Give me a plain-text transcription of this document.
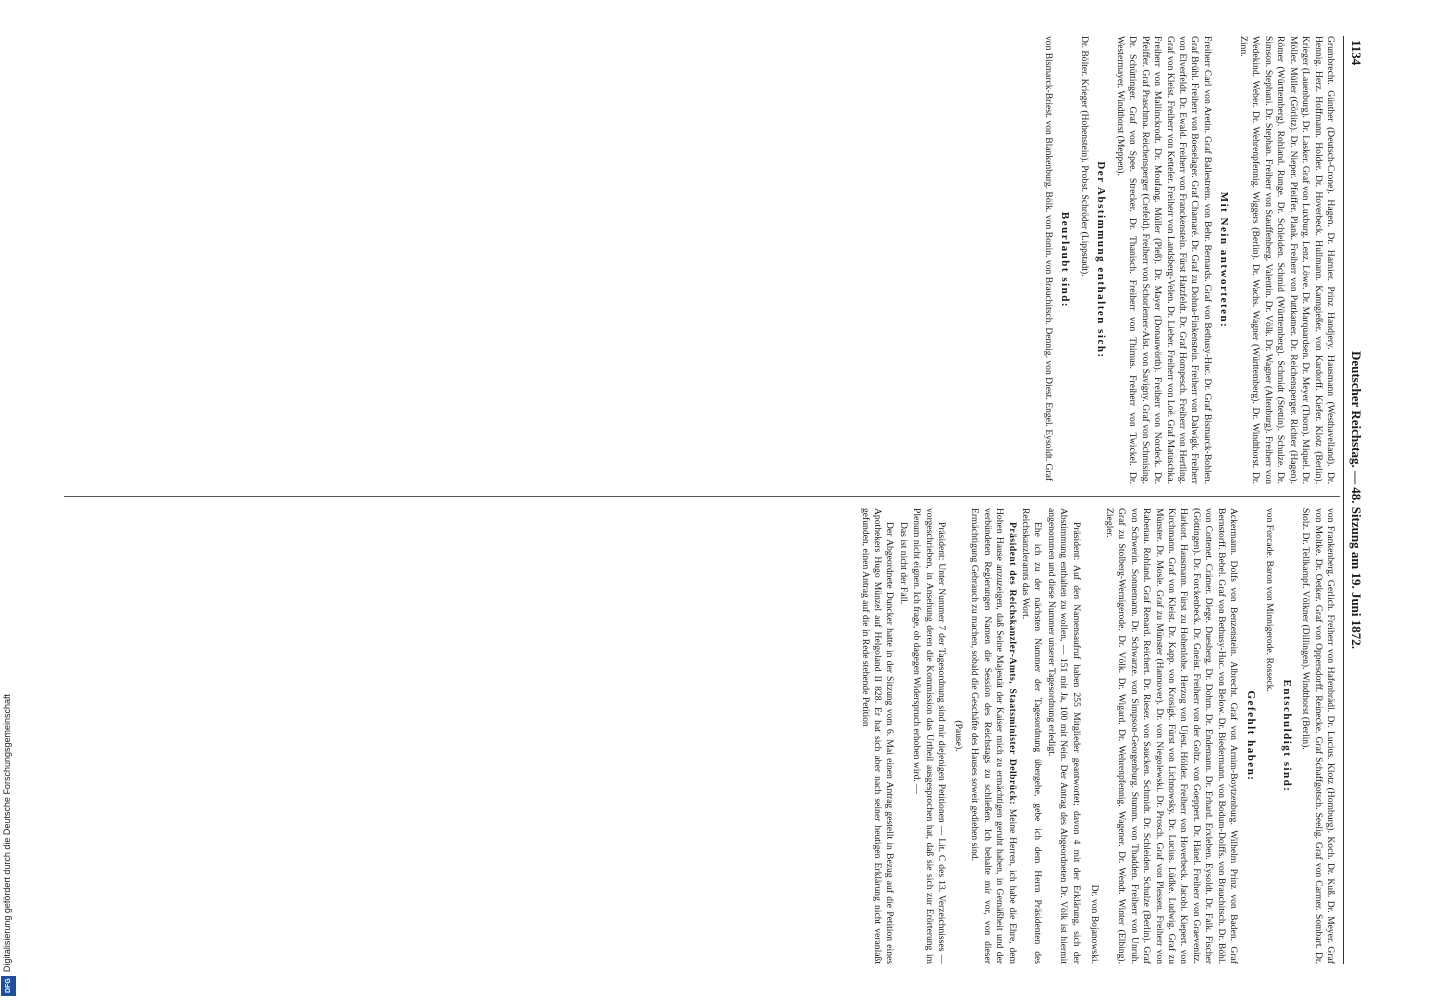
1134
Deutscher Reichstag. — 48. Sitzung am 19. Juni 1872.

Grumbrecht. Günther (Deutsch-Crone). Hagen. Dr. Harnier. Prinz Handjery. Hausmann (Westhavelland). Dr. Hennig. Herz. Hoffmann. Holder. Dr. Hoverbeck. Hullmann. Kanngießer. von Kardorff. Kiefer. Klotz (Berlin). Krieger (Lauenburg). Dr. Lasker. Graf von Luxburg. Lenz. Löwe. Dr. Marquardsen. Dr. Meyer (Thorn). Miquel. Dr. Möller. Müller (Görlitz). Dr. Nieper. Pfeiffer. Plank. Freiherr von Puttkamer. Dr. Reichensperger. Richter (Hagen). Römer (Württemberg). Rohland. Runge. Dr. Schleiden. Schmid (Württemberg). Schmidt (Stettin). Schulze. Dr. Simson. Stephani. Dr. Stephan. Freiherr von Stauffenberg. Valentin. Dr. Völk. Dr. Wagner (Altenburg). Freiherr von Wedekind. Weber. Dr. Wehrenpfennig. Wiggers (Berlin). Dr. Wachs. Wagner (Württemberg). Dr. Windthorst. Dr. Zinn.

Mit Nein antworteten:

Freiherr Carl von Aretin. Graf Ballestrem. von Behr. Bernards. Graf von Bethusy-Huc. Dr. Graf Bismarck-Bohlen. Graf Brühl. Freiherr von Boeselager. Graf Chamaré. Dr. Graf zu Dohna-Finkenstein. Freiherr von Dalwigk. Freiherr von Elverfeldt. Dr. Ewald. Freiherr von Franckenstein. Fürst Hatzfeldt. Dr. Graf Hompesch. Freiherr von Hertling. Graf von Kleist. Freiherr von Ketteler. Freiherr von Landsberg-Velen. Dr. Lieber. Freiherr von Loë. Graf Matuschka. Freiherr von Mallinckrodt. Dr. Moufang. Müller (Pleß). Dr. Mayer (Donauwörth). Freiherr von Nordeck. Dr. Pfeiffer. Graf Praschma. Reichensperger (Crefeld). Freiherr von Schorlemer-Alst. von Savigny. Graf von Schmising. Dr. Schüttinger. Graf von Spee. Strecker. Dr. Thanisch. Freiherr von Thimus. Freiherr von Twickel. Dr. Westermayer. Windthorst (Meppen).

Der Abstimmung enthalten sich:

Dr. Bölter. Krieger (Hohenstein). Probst. Schröder (Lippstadt).

Beurlaubt sind:

von Bismarck-Briest. von Blankenburg. Bölk. von Bonin. von Brauchitsch. Dennig. von Diest. Engel. Eysoldt. Graf

von Frankenberg. Gerlich. Freiherr von Hafenbrädl. Dr. Lucius. Klotz (Homburg). Koch. Dr. Kuß. Dr. Meyer. Graf von Moltke. Dr. Oetker. Graf von Oppersdorff. Reinecke. Graf Schaffgotsch. Seelig. Graf von Carmer. Sombart. Dr. Stolz. Dr. Tellkampf. Völkner (Dillingen). Windthorst (Berlin).

Entschuldigt sind:

von Forcade. Baron von Minnigerode. Rosseck.

Gefehlt haben:

Ackermann. Dolfs von Benzenstein. Albrecht. Graf von Arnim-Boytzenburg. Wilhelm Prinz von Baden. Graf Bernstorff. Bebel. Graf von Bethusy-Huc. von Below. Dr. Biedermann. von Bodum-Dolffs. von Brauchitsch. Dr. Böhl. von Cottenet. Crämer. Diege. Duesberg. Dr. Dohrn. Dr. Endemann. Dr. Erhard. Erxleben. Eysoldt. Dr. Falk. Fischer (Göttingen). Dr. Forckenbeck. Dr. Gneist. Freiherr von der Goltz. von Goeppert. Dr. Hänel. Freiherr von Graevenitz. Harkort. Hausmann. Fürst zu Hohenlohe. Herzog von Ujest. Hölder. Freiherr von Hoverbeck. Jacobi. Kiepert. von Kirchmann. Graf von Kleist. Dr. Kapp. von Krosigk. Fürst von Lichnowsky. Dr. Lucius. Lüdke. Ludwig. Graf zu Münster. Dr. Mosle. Graf zu Münster (Hannover). Dr. von Niegolewski. Dr. Prosch. Graf von Plessen. Freiherr von Rabenau. Rohland. Graf Renard. Reichert. Dr. Rieser. von Saucken. Schmidt. Dr. Schleiden. Schulze (Berlin). Graf von Schwerin. Sonnemann. Dr. Schwarze. von Simpson-Georgenburg. Stumm. von Thadden. Freiherr von Unruh. Graf zu Stolberg-Wernigerode. Dr. Völk. Dr. Wigard. Dr. Wehrenpfennig. Wagener. Dr. Wendt. Winter (Elbing). Ziegler.

Dr. von Bojanowski.

Präsident: Auf den Namensaufruf haben 255 Mitglieder geantwortet; davon 4 mit der Erklärung, sich der Abstimmung enthalten zu wollen, — 151 mit Ja, 100 mit Nein. Der Antrag des Abgeordneten Dr. Völk ist hiermit angenommen und diese Nummer unserer Tagesordnung erledigt.

Ehe ich zu der nächsten Nummer der Tagesordnung übergehe, gebe ich dem Herrn Präsidenten des Reichskanzleramts das Wort.

Präsident des Reichskanzler-Amts, Staatsminister Delbrück: Meine Herren, ich habe die Ehre, dem Hohen Hause anzuzeigen, daß Seine Majestät der Kaiser mich zu ermächtigen geruht haben, in Gemäßheit und der verbündeten Regierungen Namen die Session des Reichstags zu schließen. Ich behalte mir vor, von dieser Ermächtigung Gebrauch zu machen, sobald die Geschäfte des Hauses soweit gediehen sind.

(Pause).

Präsident: Unter Nummer 7 der Tagesordnung sind mir diejenigen Petitionen — Lit. C des 13. Verzeichnisses — vorgeschrieben, in Ansehung deren die Kommission das Urtheil ausgesprochen hat, daß sie sich zur Erörterung im Plenum nicht eignen. Ich frage, ob dagegen Widerspruch erhoben wird. —

Das ist nicht der Fall.

Der Abgeordnete Duncker hatte in der Sitzung vom 6. Mai einen Antrag gestellt in Bezug auf die Petition eines Apothekers Hugo Münzel auf Helgoland II 828. Er hat sich aber nach seiner heutigen Erklärung nicht veranlaßt gefunden, einen Antrag auf die in Rede stehende Petition

Digitalisierung gefördert durch die Deutsche Forschungsgemeinschaft
DFG
